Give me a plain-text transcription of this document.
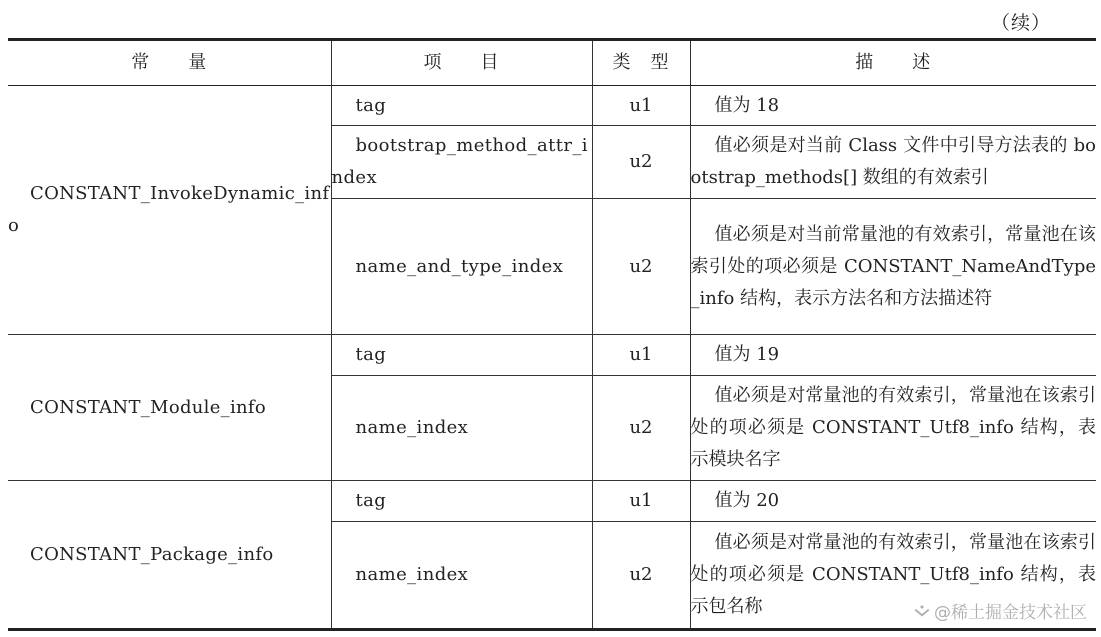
（续）
常　　量	项　　目	类　型	描　　述
CONSTANT_InvokeDynamic_info	tag	u1	值为 18
	bootstrap_method_attr_index	u2	值必须是对当前 Class 文件中引导方法表的 bootstrap_methods[] 数组的有效索引
	name_and_type_index	u2	值必须是对当前常量池的有效索引，常量池在该索引处的项必须是 CONSTANT_NameAndType_info 结构，表示方法名和方法描述符
CONSTANT_Module_info	tag	u1	值为 19
	name_index	u2	值必须是对常量池的有效索引，常量池在该索引处的项必须是 CONSTANT_Utf8_info 结构，表示模块名字
CONSTANT_Package_info	tag	u1	值为 20
	name_index	u2	值必须是对常量池的有效索引，常量池在该索引处的项必须是 CONSTANT_Utf8_info 结构，表示包名称	@稀土掘金技术社区
